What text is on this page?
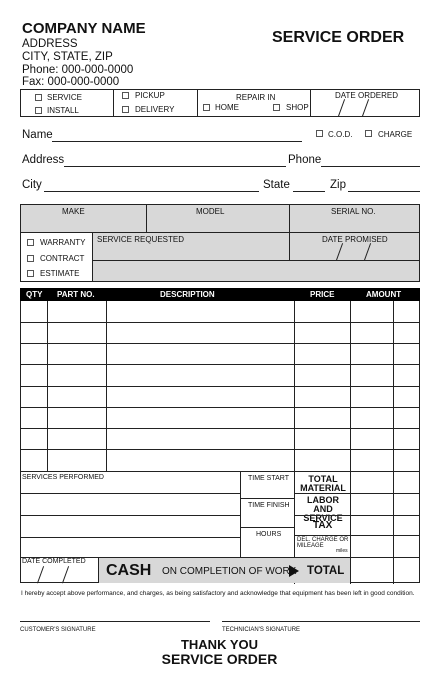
COMPANY NAME
ADDRESS
CITY, STATE, ZIP
Phone: 000-000-0000
Fax: 000-000-0000
SERVICE ORDER
SERVICE
INSTALL
PICKUP
DELIVERY
REPAIR IN
HOME	SHOP
DATE ORDERED
Name	C.O.D.	CHARGE
Address	Phone
City	State	Zip
MAKE	MODEL	SERIAL NO.
WARRANTY
CONTRACT
ESTIMATE
SERVICE REQUESTED	DATE PROMISED
QTY PART NO.	DESCRIPTION	PRICE	AMOUNT
SERVICES PERFORMED	TIME START
TIME FINISH
HOURS
TOTAL MATERIAL
LABOR AND SERVICE
TAX
DEL. CHARGE OR MILEAGE
miles
DATE COMPLETED
CASH ON COMPLETION OF WORK TOTAL
I hereby accept above performance, and charges, as being satisfactory and acknowledge that equipment has been left in good condition.
CUSTOMER'S SIGNATURE	TECHNICIAN'S SIGNATURE
THANK YOU
SERVICE ORDER
